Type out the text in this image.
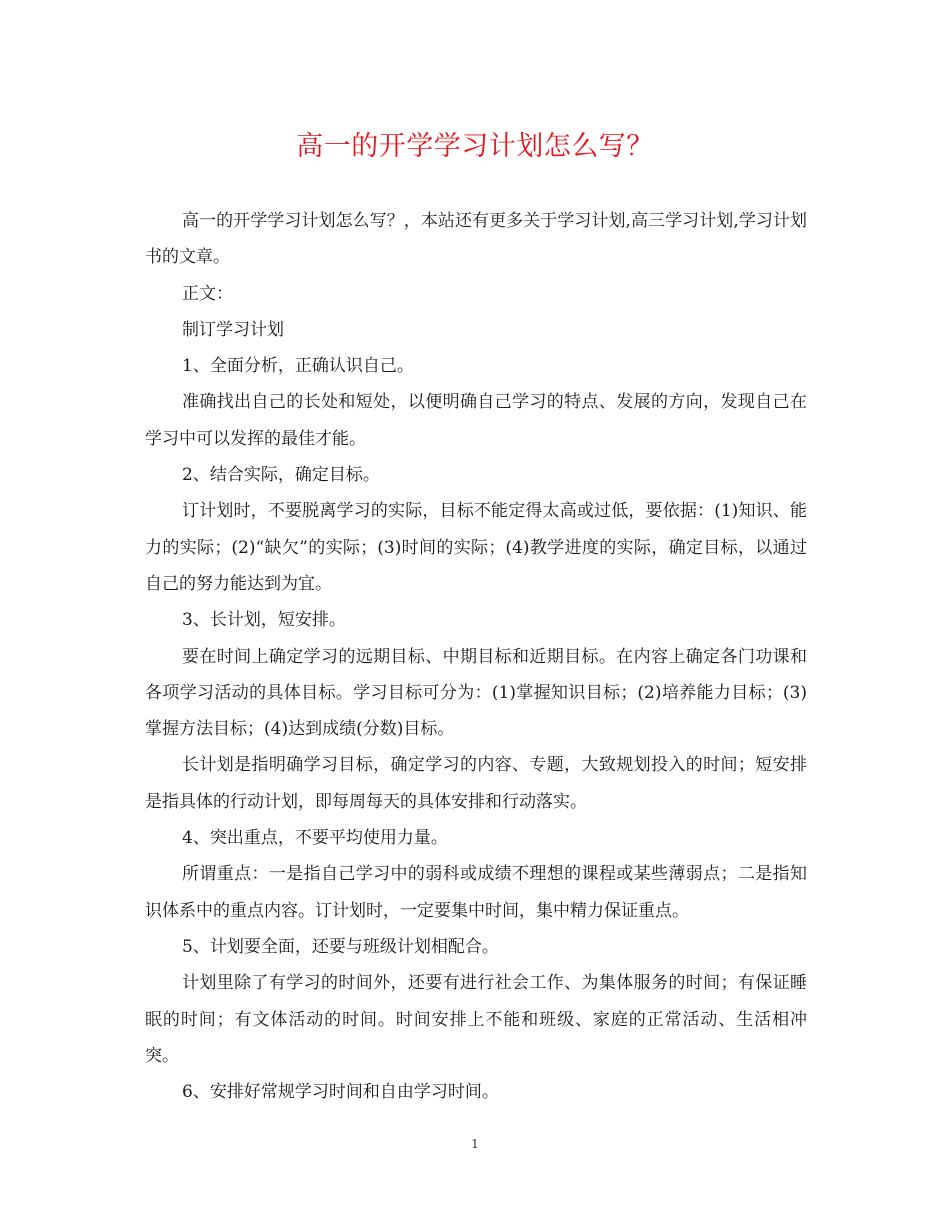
高一的开学学习计划怎么写？

高一的开学学习计划怎么写？，本站还有更多关于学习计划,高三学习计划,学习计划书的文章。

正文：

制订学习计划

1、全面分析，正确认识自己。

准确找出自己的长处和短处，以便明确自己学习的特点、发展的方向，发现自己在学习中可以发挥的最佳才能。

2、结合实际，确定目标。

订计划时，不要脱离学习的实际，目标不能定得太高或过低，要依据：(1)知识、能力的实际；(2)“缺欠”的实际；(3)时间的实际；(4)教学进度的实际，确定目标，以通过自己的努力能达到为宜。

3、长计划，短安排。

要在时间上确定学习的远期目标、中期目标和近期目标。在内容上确定各门功课和各项学习活动的具体目标。学习目标可分为：(1)掌握知识目标；(2)培养能力目标；(3)掌握方法目标；(4)达到成绩(分数)目标。

长计划是指明确学习目标，确定学习的内容、专题，大致规划投入的时间；短安排是指具体的行动计划，即每周每天的具体安排和行动落实。

4、突出重点，不要平均使用力量。

所谓重点：一是指自己学习中的弱科或成绩不理想的课程或某些薄弱点；二是指知识体系中的重点内容。订计划时，一定要集中时间，集中精力保证重点。

5、计划要全面，还要与班级计划相配合。

计划里除了有学习的时间外，还要有进行社会工作、为集体服务的时间；有保证睡眠的时间；有文体活动的时间。时间安排上不能和班级、家庭的正常活动、生活相冲突。

6、安排好常规学习时间和自由学习时间。

1
